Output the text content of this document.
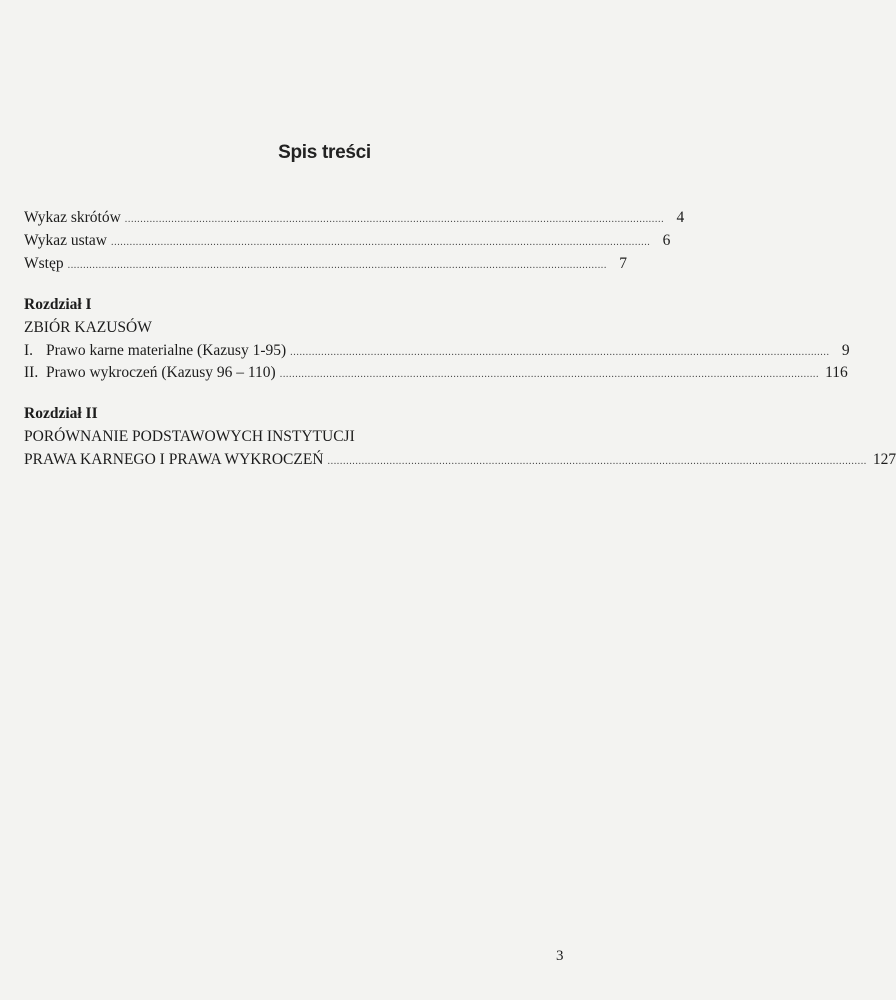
Spis treści
Wykaz skrótów .............................................................................................................................................................................. 4
Wykaz ustaw .............................................................................................................................................................................. 6
Wstęp .............................................................................................................................................................................. 7
Rozdział I
ZBIÓR KAZUSÓW
I. Prawo karne materialne (Kazusy 1-95) .............................................................................................................................................................................. 9
II. Prawo wykroczeń (Kazusy 96 – 110) .............................................................................................................................................................................. 116
Rozdział II
PORÓWNANIE PODSTAWOWYCH INSTYTUCJI
PRAWA KARNEGO I PRAWA WYKROCZEŃ .............................................................................................................................................................................. 127
3
